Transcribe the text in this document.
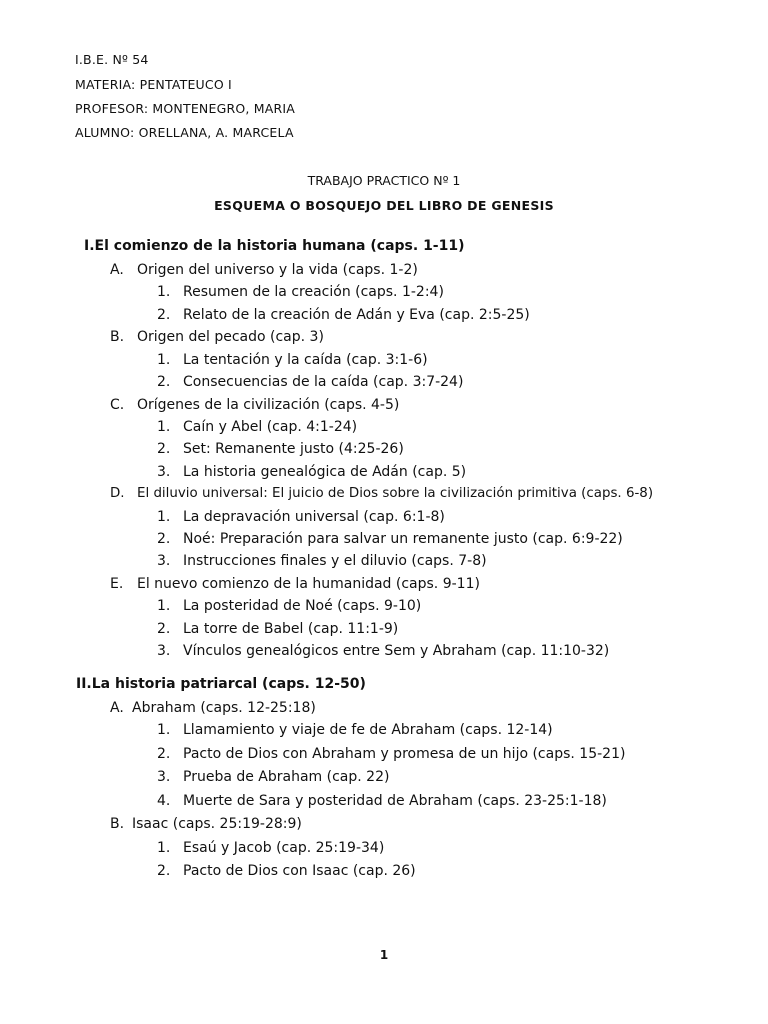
I.B.E. Nº 54
MATERIA: PENTATEUCO I
PROFESOR: MONTENEGRO, MARIA
ALUMNO: ORELLANA, A. MARCELA
TRABAJO PRACTICO Nº 1
ESQUEMA O BOSQUEJO DEL LIBRO DE GENESIS
I.El comienzo de la historia humana (caps. 1-11)
A. Origen del universo y la vida (caps. 1-2)
1. Resumen de la creación (caps. 1-2:4)
2. Relato de la creación de Adán y Eva (cap. 2:5-25)
B. Origen del pecado (cap. 3)
1. La tentación y la caída (cap. 3:1-6)
2. Consecuencias de la caída (cap. 3:7-24)
C. Orígenes de la civilización (caps. 4-5)
1. Caín y Abel (cap. 4:1-24)
2. Set: Remanente justo (4:25-26)
3. La historia genealógica de Adán (cap. 5)
D. El diluvio universal: El juicio de Dios sobre la civilización primitiva (caps. 6-8)
1. La depravación universal (cap. 6:1-8)
2. Noé: Preparación para salvar un remanente justo (cap. 6:9-22)
3. Instrucciones finales y el diluvio (caps. 7-8)
E. El nuevo comienzo de la humanidad (caps. 9-11)
1. La posteridad de Noé (caps. 9-10)
2. La torre de Babel (cap. 11:1-9)
3. Vínculos genealógicos entre Sem y Abraham (cap. 11:10-32)
II.La historia patriarcal (caps. 12-50)
A. Abraham (caps. 12-25:18)
1. Llamamiento y viaje de fe de Abraham (caps. 12-14)
2. Pacto de Dios con Abraham y promesa de un hijo (caps. 15-21)
3. Prueba de Abraham (cap. 22)
4. Muerte de Sara y posteridad de Abraham (caps. 23-25:1-18)
B. Isaac (caps. 25:19-28:9)
1. Esaú y Jacob (cap. 25:19-34)
2. Pacto de Dios con Isaac (cap. 26)
1
